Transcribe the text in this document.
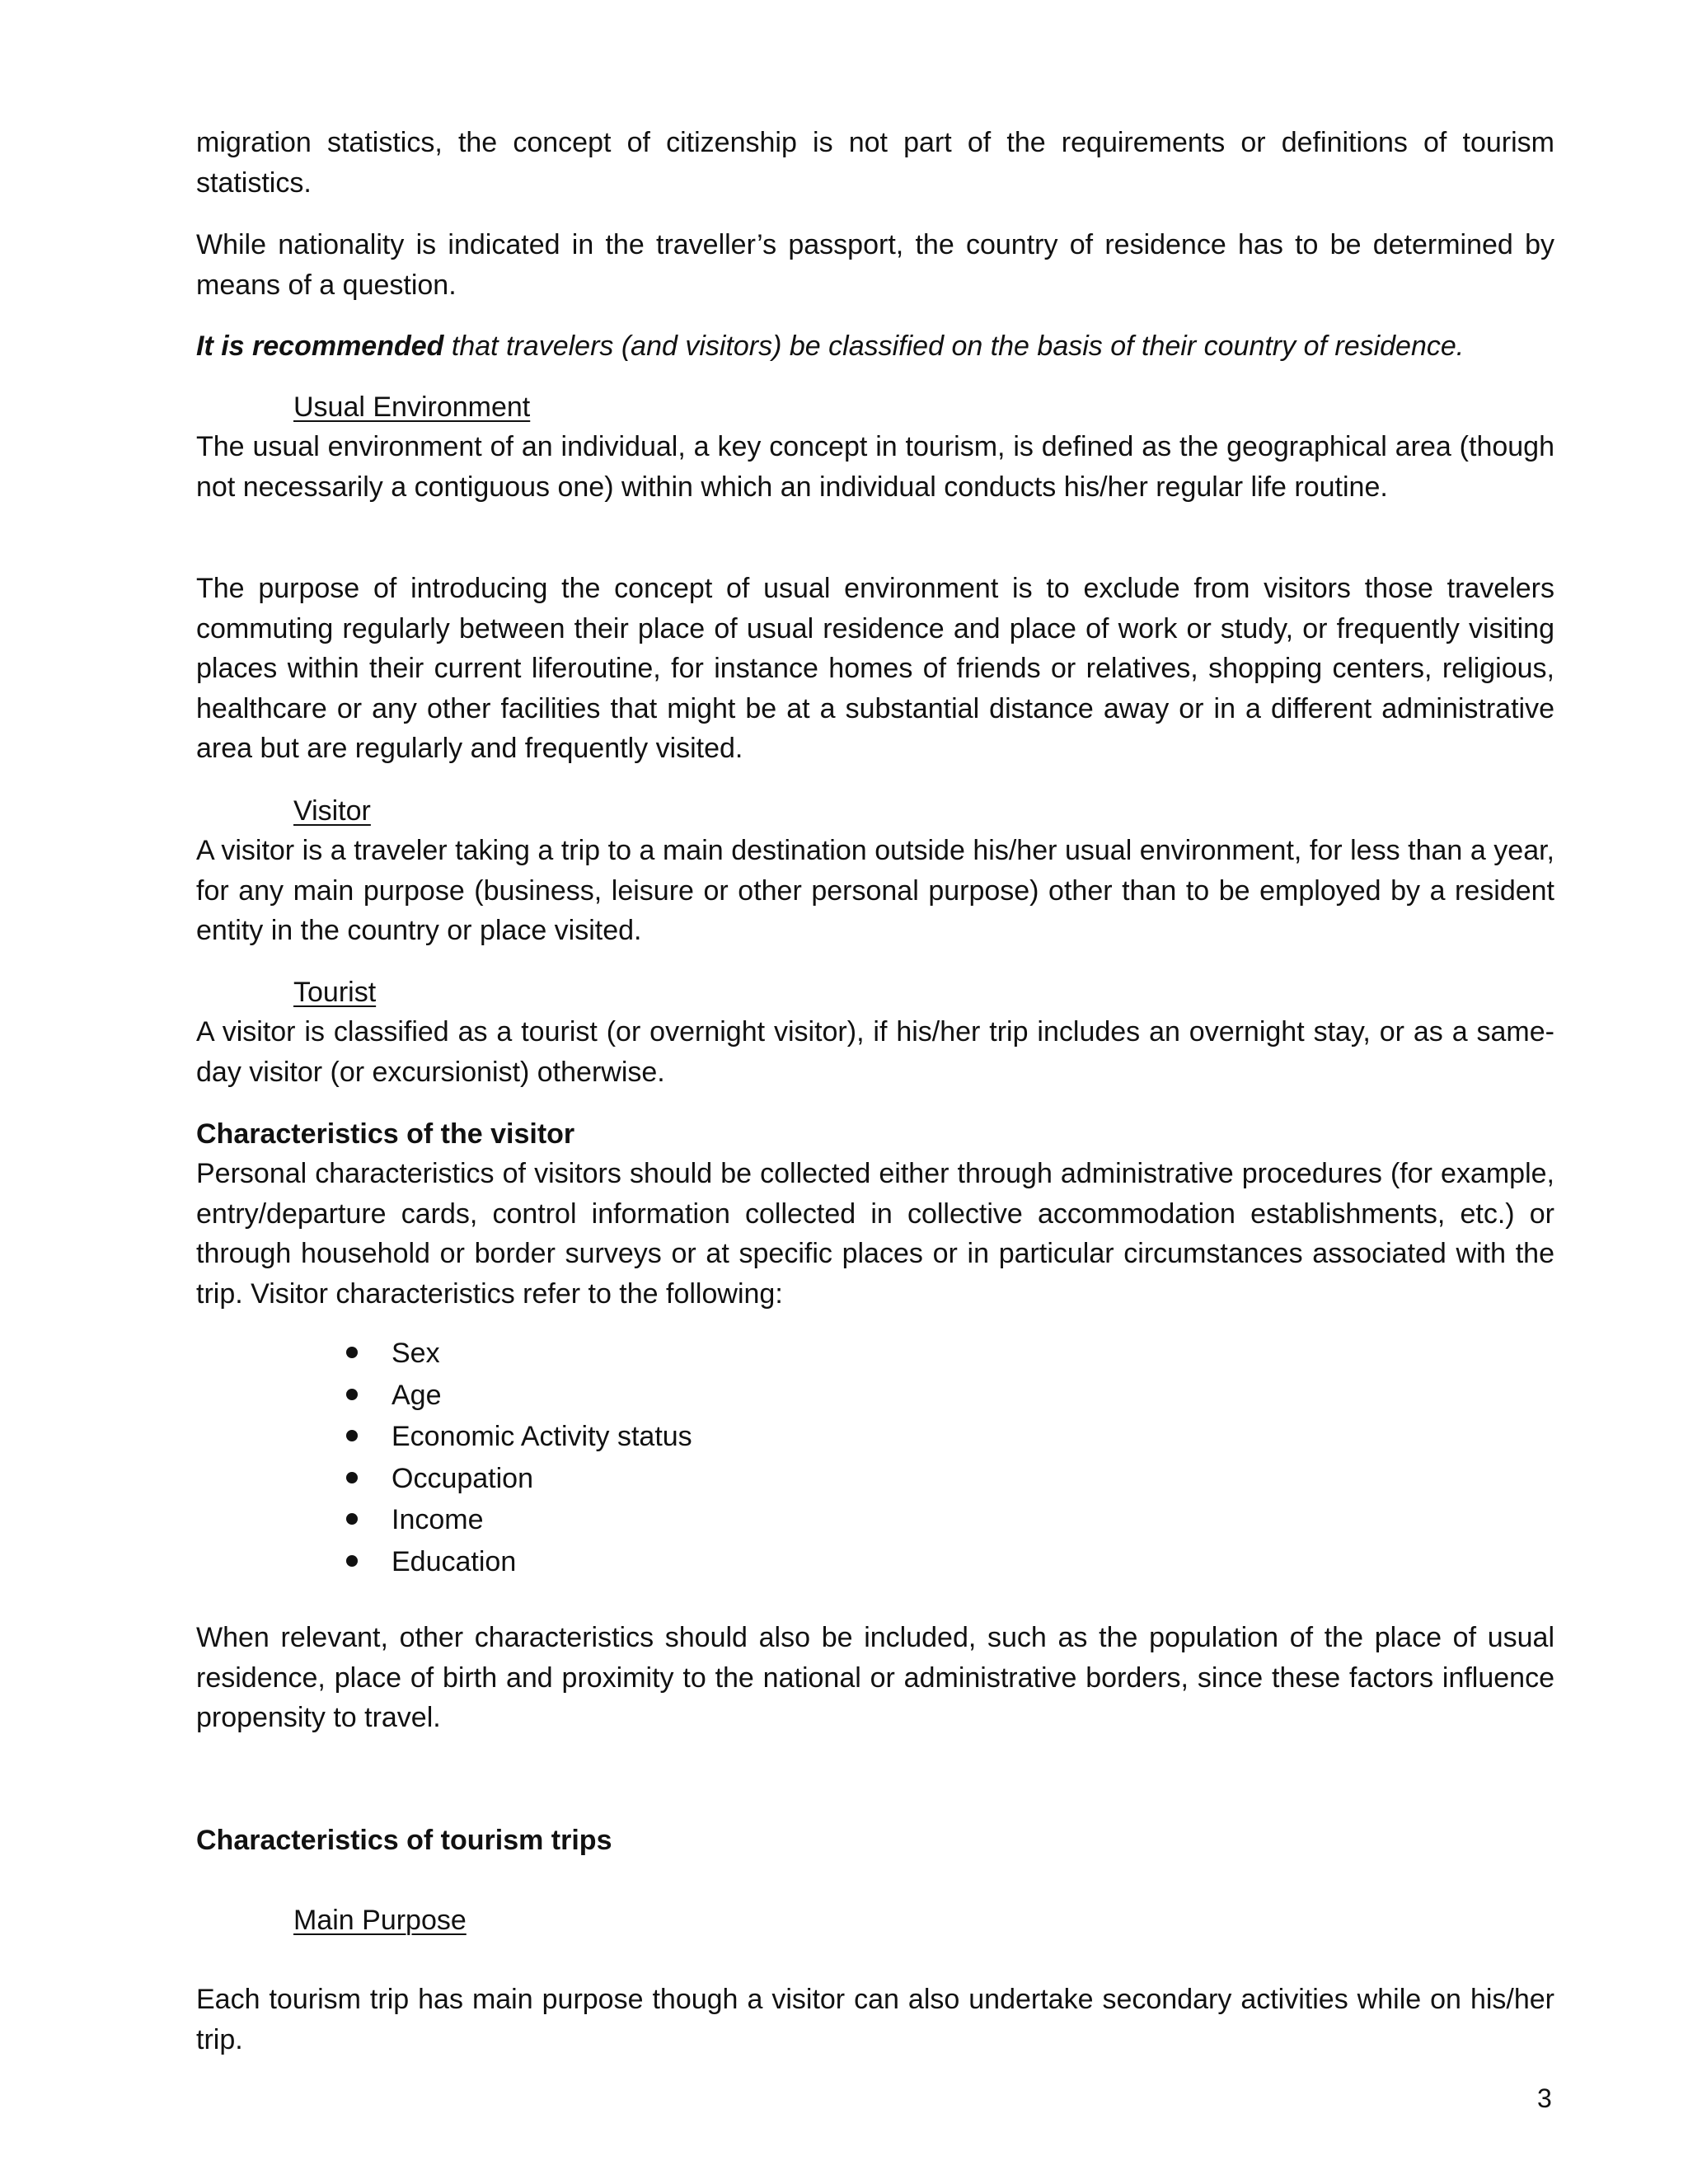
migration statistics, the concept of citizenship is not part of the requirements or definitions of tourism statistics.

While nationality is indicated in the traveller’s passport, the country of residence has to be determined by means of a question.

It is recommended that travelers (and visitors) be classified on the basis of their country of residence.

Usual Environment

The usual environment of an individual, a key concept in tourism, is defined as the geographical area (though not necessarily a contiguous one) within which an individual conducts his/her regular life routine.

The purpose of introducing the concept of usual environment is to exclude from visitors those travelers commuting regularly between their place of usual residence and place of work or study, or frequently visiting places within their current liferoutine, for instance homes of friends or relatives, shopping centers, religious, healthcare or any other facilities that might be at a substantial distance away or in a different administrative area but are regularly and frequently visited.

Visitor

A visitor is a traveler taking a trip to a main destination outside his/her usual environment, for less than a year, for any main purpose (business, leisure or other personal purpose) other than to be employed by a resident entity in the country or place visited.

Tourist

A visitor is classified as a tourist (or overnight visitor), if his/her trip includes an overnight stay, or as a same-day visitor (or excursionist) otherwise.

Characteristics of the visitor

Personal characteristics of visitors should be collected either through administrative procedures (for example, entry/departure cards, control information collected in collective accommodation establishments, etc.) or through household or border surveys or at specific places or in particular circumstances associated with the trip. Visitor characteristics refer to the following:

Sex
Age
Economic Activity status
Occupation
Income
Education

When relevant, other characteristics should also be included, such as the population of the place of usual residence, place of birth and proximity to the national or administrative borders, since these factors influence propensity to travel.

Characteristics of tourism trips

Main Purpose

Each tourism trip has main purpose though a visitor can also undertake secondary activities while on his/her trip.

3
